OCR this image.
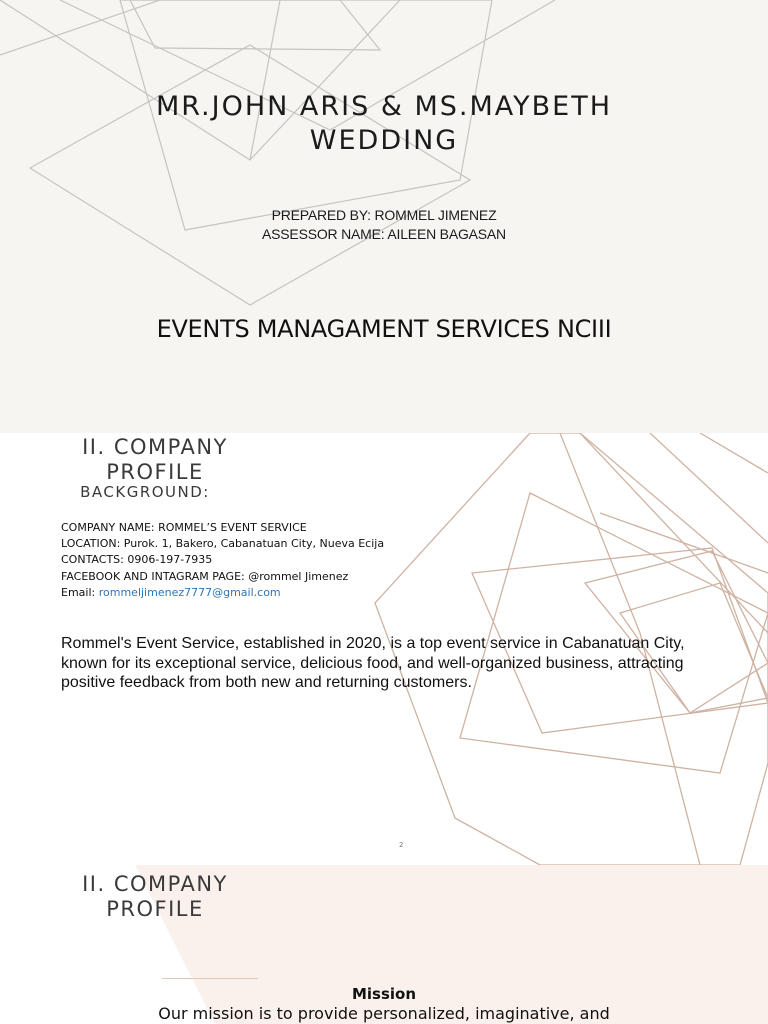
MR.JOHN ARIS & MS.MAYBETH WEDDING
PREPARED BY: ROMMEL JIMENEZ
ASSESSOR NAME: AILEEN BAGASAN
EVENTS MANAGAMENT SERVICES NCIII
II. COMPANY PROFILE
BACKGROUND:
COMPANY NAME: ROMMEL’S EVENT SERVICE
LOCATION: Purok. 1, Bakero, Cabanatuan City, Nueva Ecija
CONTACTS: 0906-197-7935
FACEBOOK AND INTAGRAM PAGE: @rommel Jimenez
Email: rommeljimenez7777@gmail.com
Rommel's Event Service, established in 2020, is a top event service in Cabanatuan City, known for its exceptional service, delicious food, and well-organized business, attracting positive feedback from both new and returning customers.
2
II. COMPANY PROFILE
Mission
Our mission is to provide personalized, imaginative, and
